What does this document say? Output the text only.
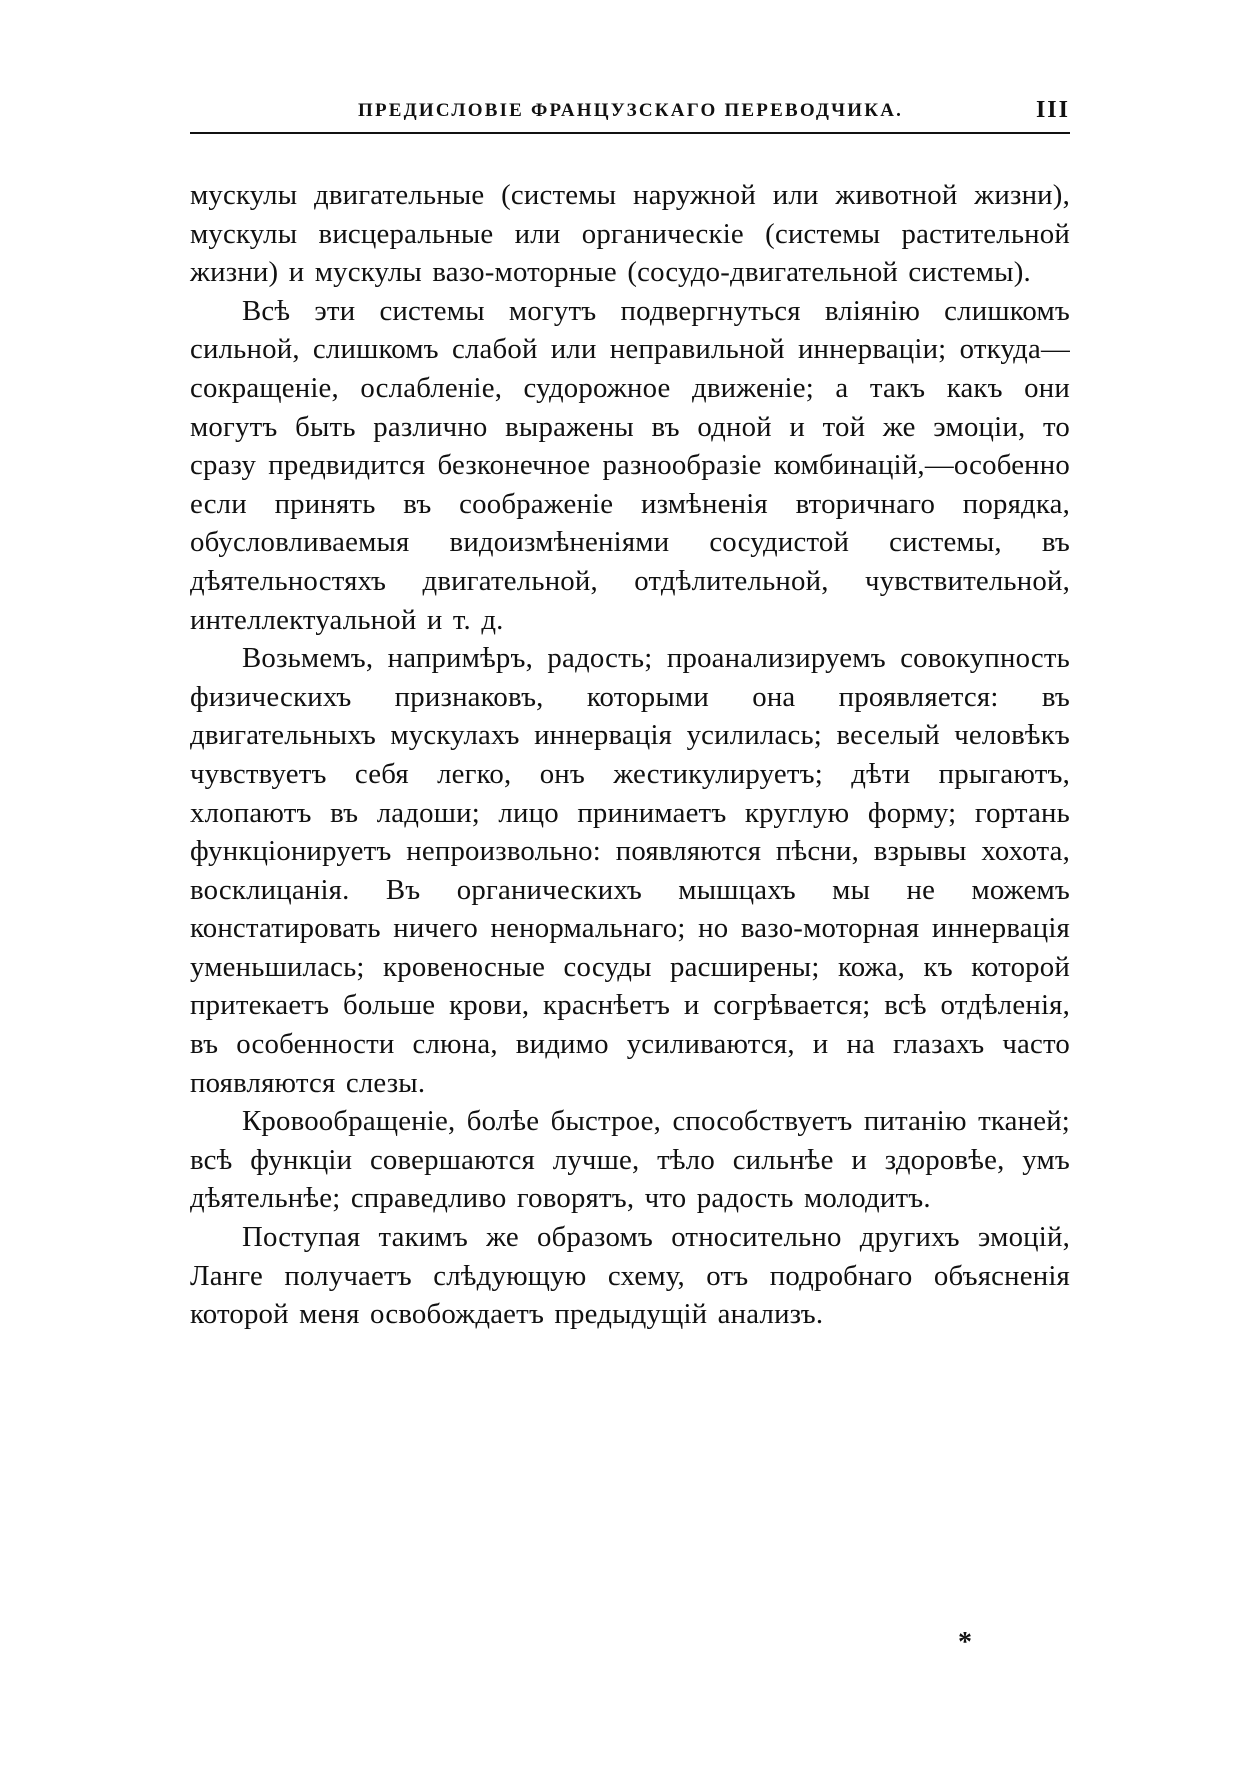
ПРЕДИСЛОВІЕ ФРАНЦУЗСКАГО ПЕРЕВОДЧИКА.	III

мускулы двигательные (системы наружной или животной жизни), мускулы висцеральные или органическіе (системы растительной жизни) и мускулы вазо-моторные (сосудо-двигательной системы).

Всѣ эти системы могутъ подвергнуться вліянію слишкомъ сильной, слишкомъ слабой или неправильной иннерваціи; откуда—сокращеніе, ослабленіе, судорожное движеніе; а такъ какъ они могутъ быть различно выражены въ одной и той же эмоціи, то сразу предвидится безконечное разнообразіе комбинацій,—особенно если принять въ соображеніе измѣненія вторичнаго порядка, обусловливаемыя видоизмѣненіями сосудистой системы, въ дѣятельностяхъ двигательной, отдѣлительной, чувствительной, интеллектуальной и т. д.

Возьмемъ, напримѣръ, радость; проанализируемъ совокупность физическихъ признаковъ, которыми она проявляется: въ двигательныхъ мускулахъ иннервація усилилась; веселый человѣкъ чувствуетъ себя легко, онъ жестикулируетъ; дѣти прыгаютъ, хлопаютъ въ ладоши; лицо принимаетъ круглую форму; гортань функціонируетъ непроизвольно: появляются пѣсни, взрывы хохота, восклицанія. Въ органическихъ мышцахъ мы не можемъ констатировать ничего ненормальнаго; но вазо-моторная иннервація уменьшилась; кровеносные сосуды расширены; кожа, къ которой притекаетъ больше крови, краснѣетъ и согрѣвается; всѣ отдѣленія, въ особенности слюна, видимо усиливаются, и на глазахъ часто появляются слезы.

Кровообращеніе, болѣе быстрое, способствуетъ питанію тканей; всѣ функціи совершаются лучше, тѣло сильнѣе и здоровѣе, умъ дѣятельнѣе; справедливо говорятъ, что радость молодитъ.

Поступая такимъ же образомъ относительно другихъ эмоцій, Ланге получаетъ слѣдующую схему, отъ подробнаго объясненія которой меня освобождаетъ предыдущій анализъ.

*
